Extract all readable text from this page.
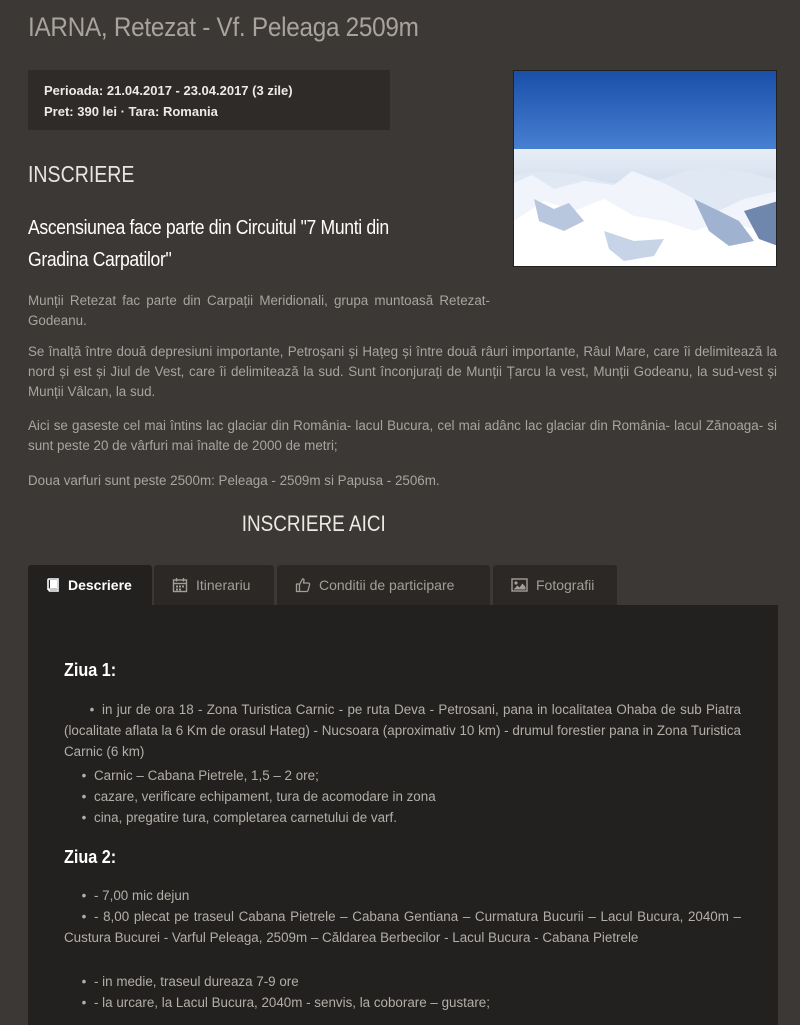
IARNA, Retezat - Vf. Peleaga 2509m
Perioada: 21.04.2017 - 23.04.2017 (3 zile)
Pret: 390 lei · Tara: Romania
INSCRIERE
Ascensiunea face parte din Circuitul "7 Munti din
Gradina Carpatilor"
Munții Retezat fac parte din Carpații Meridionali, grupa muntoasă Retezat-Godeanu.
Se înalță între două depresiuni importante, Petroșani și Hațeg și între două râuri importante, Râul Mare, care îi delimitează la nord și est și Jiul de Vest, care îi delimitează la sud. Sunt înconjurați de Munții Țarcu la vest, Munții Godeanu, la sud-vest și Munții Vâlcan, la sud.
Aici se gaseste cel mai întins lac glaciar din România- lacul Bucura, cel mai adânc lac glaciar din România- lacul Zănoaga- si sunt peste 20 de vârfuri mai înalte de 2000 de metri;
Doua varfuri sunt peste 2500m: Peleaga - 2509m si Papusa - 2506m.
INSCRIERE AICI
Descriere	Itinerariu	Conditii de participare	Fotografii
Ziua 1:
• in jur de ora 18 - Zona Turistica Carnic - pe ruta Deva - Petrosani, pana in localitatea Ohaba de sub Piatra (localitate aflata la 6 Km de orasul Hateg) - Nucsoara (aproximativ 10 km) - drumul forestier pana in Zona Turistica Carnic (6 km)
• Carnic – Cabana Pietrele, 1,5 – 2 ore;
• cazare, verificare echipament, tura de acomodare in zona
• cina, pregatire tura, completarea carnetului de varf.
Ziua 2:
• - 7,00 mic dejun
• - 8,00 plecat pe traseul Cabana Pietrele – Cabana Gentiana – Curmatura Bucurii – Lacul Bucura, 2040m – Custura Bucurei - Varful Peleaga, 2509m – Căldarea Berbecilor - Lacul Bucura - Cabana Pietrele
• - in medie, traseul dureaza 7-9 ore
• - la urcare, la Lacul Bucura, 2040m - senvis, la coborare – gustare;
